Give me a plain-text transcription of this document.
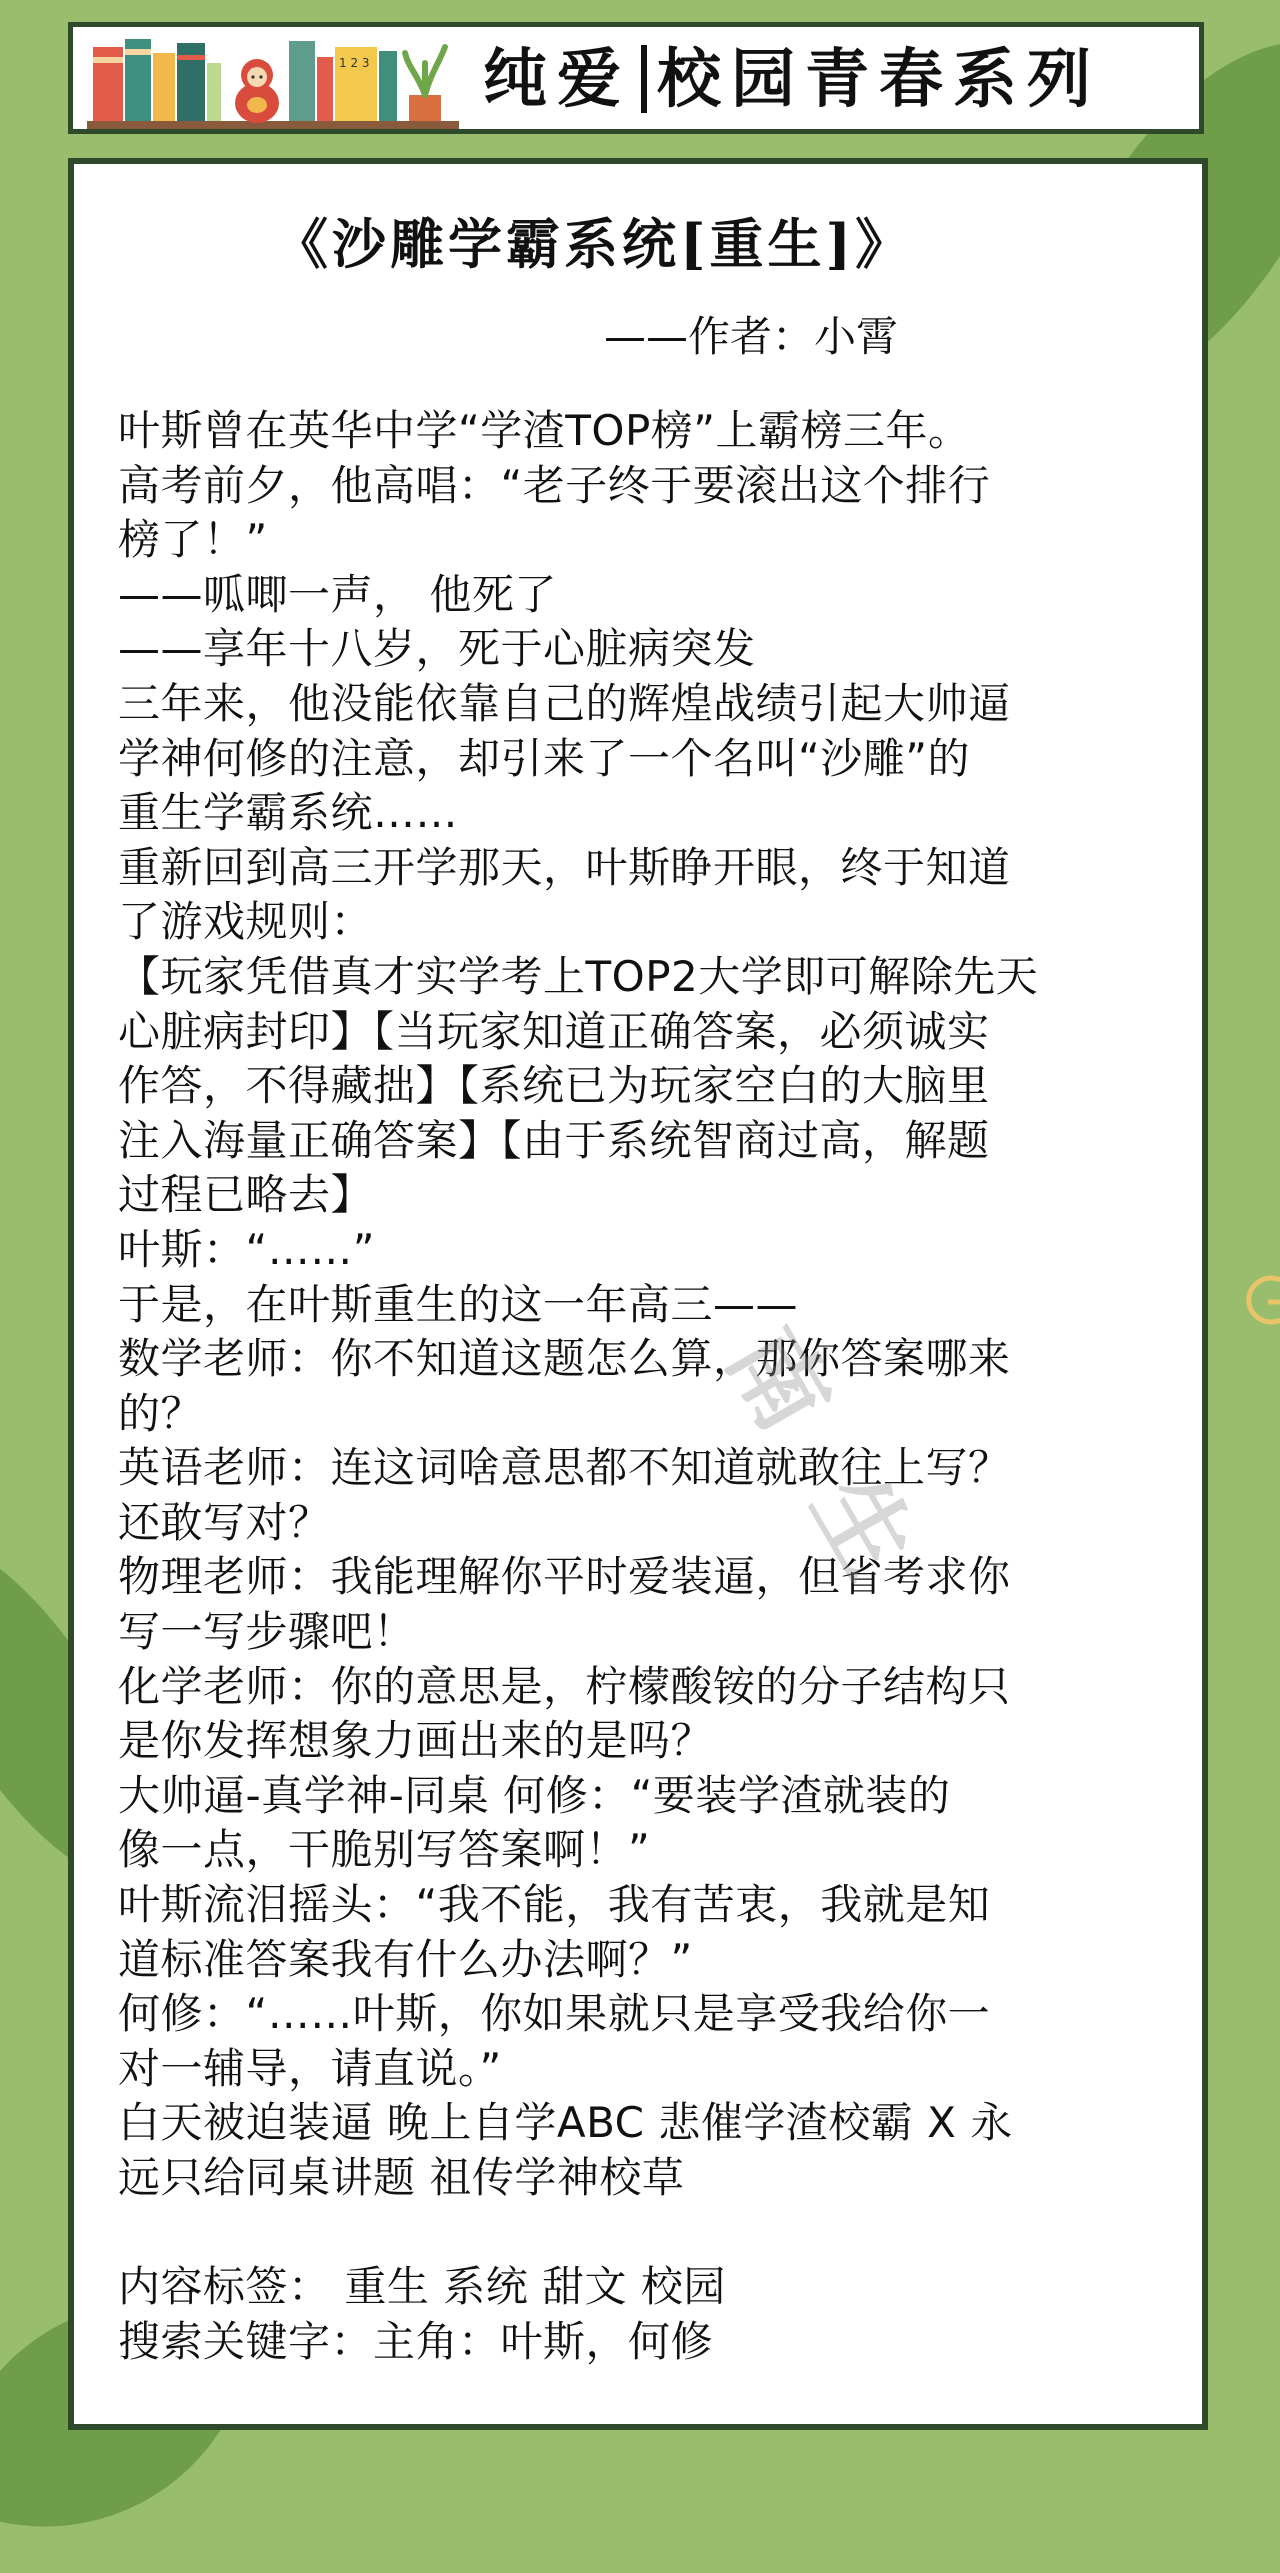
1 2 3 纯爱 校园青春系列
《沙雕学霸系统[重生]》
——作者：小霄

叶斯曾在英华中学“学渣TOP榜”上霸榜三年。

高考前夕，他高唱：“老子终于要滚出这个排行

榜了！”

——呱唧一声， 他死了

——享年十八岁，死于心脏病突发

三年来，他没能依靠自己的辉煌战绩引起大帅逼

学神何修的注意，却引来了一个名叫“沙雕”的

重生学霸系统……

重新回到高三开学那天，叶斯睁开眼，终于知道

了游戏规则：

【玩家凭借真才实学考上TOP2大学即可解除先天

心脏病封印】【当玩家知道正确答案，必须诚实

作答，不得藏拙】【系统已为玩家空白的大脑里

注入海量正确答案】【由于系统智商过高，解题

过程已略去】

叶斯：“……”

于是，在叶斯重生的这一年高三——

数学老师：你不知道这题怎么算，那你答案哪来

的？

英语老师：连这词啥意思都不知道就敢往上写？

还敢写对？

物理老师：我能理解你平时爱装逼，但省考求你

写一写步骤吧！

化学老师：你的意思是，柠檬酸铵的分子结构只

是你发挥想象力画出来的是吗？

大帅逼-真学神-同桌 何修：“要装学渣就装的

像一点，干脆别写答案啊！”

叶斯流泪摇头：“我不能，我有苦衷，我就是知

道标准答案我有什么办法啊？”

何修：“……叶斯，你如果就只是享受我给你一

对一辅导，请直说。”

白天被迫装逼 晚上自学ABC 悲催学渣校霸 X 永

远只给同桌讲题 祖传学神校草

内容标签： 重生 系统 甜文 校园

搜索关键字：主角：叶斯，何修

南 生
